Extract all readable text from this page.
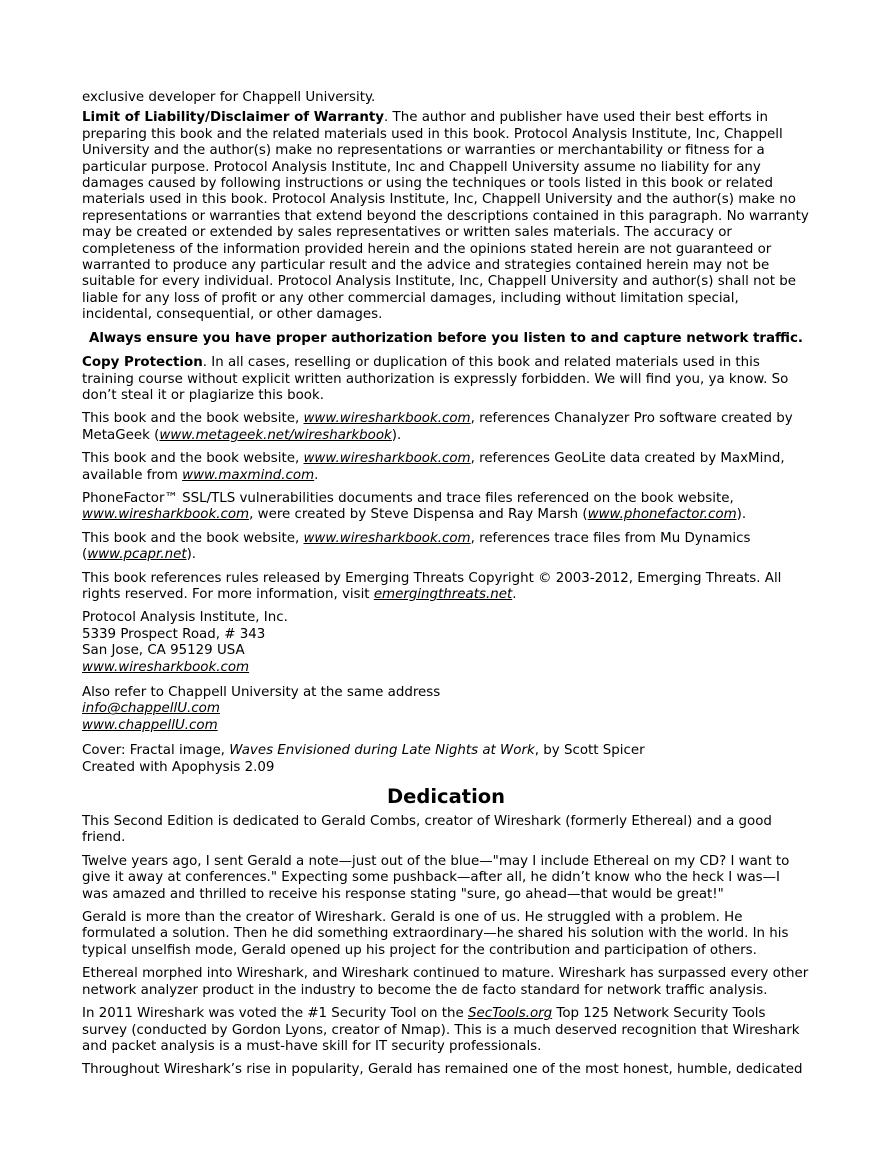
exclusive developer for Chappell University.

Limit of Liability/Disclaimer of Warranty. The author and publisher have used their best efforts in preparing this book and the related materials used in this book. Protocol Analysis Institute, Inc, Chappell University and the author(s) make no representations or warranties or merchantability or fitness for a particular purpose. Protocol Analysis Institute, Inc and Chappell University assume no liability for any damages caused by following instructions or using the techniques or tools listed in this book or related materials used in this book. Protocol Analysis Institute, Inc, Chappell University and the author(s) make no representations or warranties that extend beyond the descriptions contained in this paragraph. No warranty may be created or extended by sales representatives or written sales materials. The accuracy or completeness of the information provided herein and the opinions stated herein are not guaranteed or warranted to produce any particular result and the advice and strategies contained herein may not be suitable for every individual. Protocol Analysis Institute, Inc, Chappell University and author(s) shall not be liable for any loss of profit or any other commercial damages, including without limitation special, incidental, consequential, or other damages.

Always ensure you have proper authorization before you listen to and capture network traffic.

Copy Protection. In all cases, reselling or duplication of this book and related materials used in this training course without explicit written authorization is expressly forbidden. We will find you, ya know. So don’t steal it or plagiarize this book.

This book and the book website, www.wiresharkbook.com, references Chanalyzer Pro software created by MetaGeek (www.metageek.net/wiresharkbook).

This book and the book website, www.wiresharkbook.com, references GeoLite data created by MaxMind, available from www.maxmind.com.

PhoneFactor™ SSL/TLS vulnerabilities documents and trace files referenced on the book website, www.wiresharkbook.com, were created by Steve Dispensa and Ray Marsh (www.phonefactor.com).

This book and the book website, www.wiresharkbook.com, references trace files from Mu Dynamics (www.pcapr.net).

This book references rules released by Emerging Threats Copyright © 2003-2012, Emerging Threats. All rights reserved. For more information, visit emergingthreats.net.

Protocol Analysis Institute, Inc.
5339 Prospect Road, # 343
San Jose, CA 95129 USA
www.wiresharkbook.com
Also refer to Chappell University at the same address
info@chappellU.com
www.chappellU.com
Cover: Fractal image, Waves Envisioned during Late Nights at Work, by Scott Spicer
Created with Apophysis 2.09
Dedication

This Second Edition is dedicated to Gerald Combs, creator of Wireshark (formerly Ethereal) and a good friend.

Twelve years ago, I sent Gerald a note—just out of the blue—"may I include Ethereal on my CD? I want to give it away at conferences." Expecting some pushback—after all, he didn’t know who the heck I was—I was amazed and thrilled to receive his response stating "sure, go ahead—that would be great!"

Gerald is more than the creator of Wireshark. Gerald is one of us. He struggled with a problem. He formulated a solution. Then he did something extraordinary—he shared his solution with the world. In his typical unselfish mode, Gerald opened up his project for the contribution and participation of others.

Ethereal morphed into Wireshark, and Wireshark continued to mature. Wireshark has surpassed every other network analyzer product in the industry to become the de facto standard for network traffic analysis.

In 2011 Wireshark was voted the #1 Security Tool on the SecTools.org Top 125 Network Security Tools survey (conducted by Gordon Lyons, creator of Nmap). This is a much deserved recognition that Wireshark and packet analysis is a must-have skill for IT security professionals.

Throughout Wireshark’s rise in popularity, Gerald has remained one of the most honest, humble, dedicated
